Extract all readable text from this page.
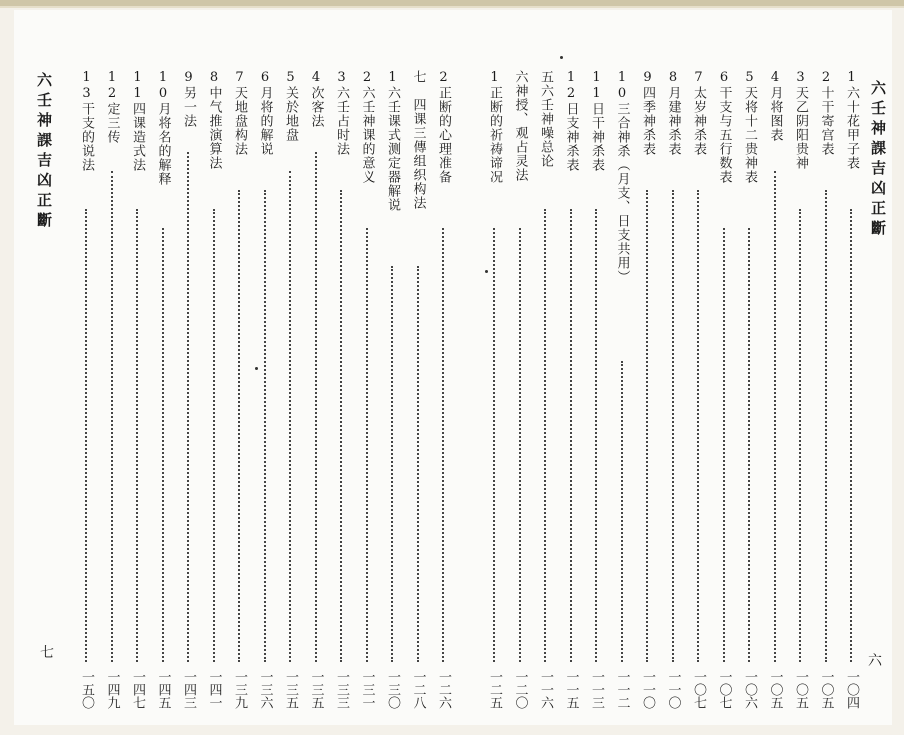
六壬神課吉凶正斷
七
2正断的心理准备
一二六
七　四课三傳组织构法
一二八
1六壬课式测定器解说
一三〇
2六壬神课的意义
一三一
3六壬占时法
一三三
4次客法
一三五
5关於地盘
一三五
6月将的解说
一三六
7天地盘构法
一三九
8中气推演算法
一四一
9另一法
一四三
10月将名的解释
一四五
11四课造式法
一四七
12定三传
一四九
13干支的说法
一五〇
六壬神課吉凶正斷
六
1六十花甲子表
一〇四
2十干寄宫表
一〇五
3天乙阴阳贵神
一〇五
4月将图表
一〇五
5天将十二贵神表
一〇六
6干支与五行数表
一〇七
7太岁神杀表
一〇七
8月建神杀表
一一〇
9四季神杀表
一一〇
10三合神杀（月支、日支共用）
一一二
11日干神杀表
一一三
12日支神杀表
一一五
五六壬神噪总论
一一六
六神授、观占灵法
一二〇
1正断的祈祷谛况
一二五
